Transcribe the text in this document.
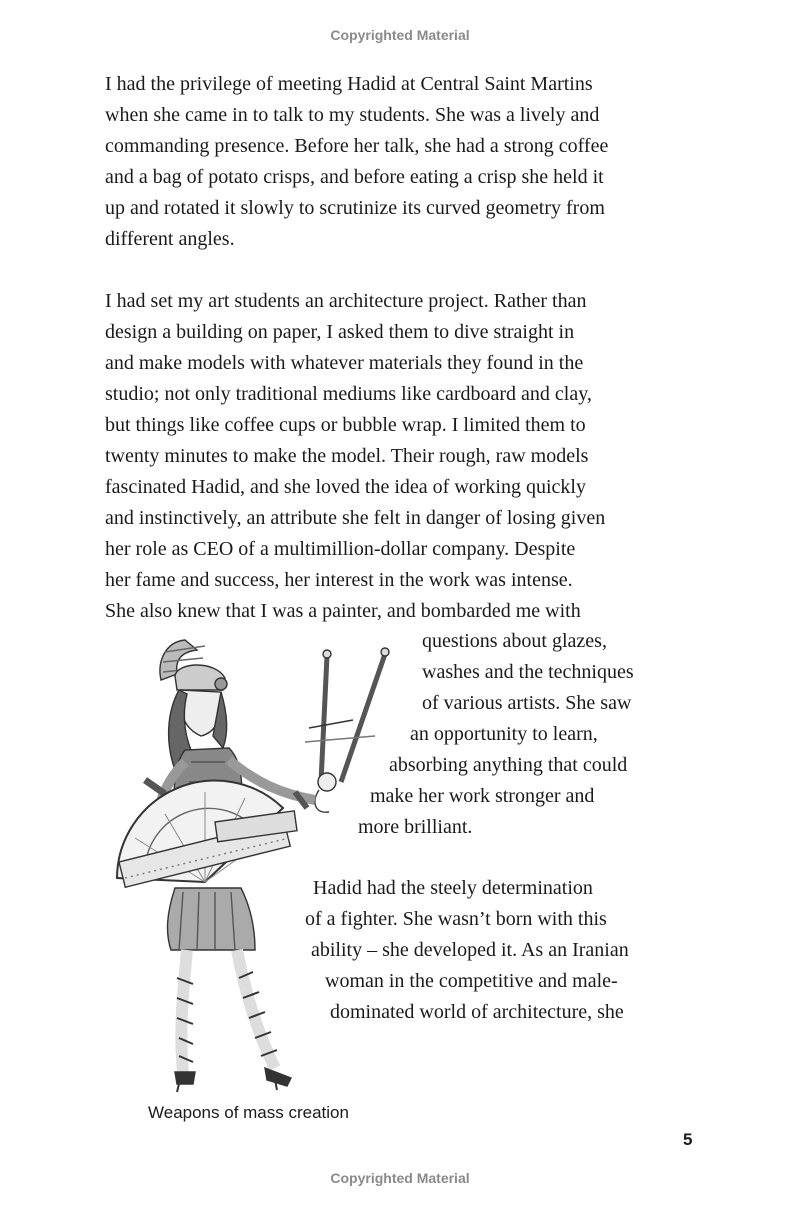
Copyrighted Material
I had the privilege of meeting Hadid at Central Saint Martins
when she came in to talk to my students. She was a lively and
commanding presence. Before her talk, she had a strong coffee
and a bag of potato crisps, and before eating a crisp she held it
up and rotated it slowly to scrutinize its curved geometry from
different angles.
I had set my art students an architecture project. Rather than
design a building on paper, I asked them to dive straight in
and make models with whatever materials they found in the
studio; not only traditional mediums like cardboard and clay,
but things like coffee cups or bubble wrap. I limited them to
twenty minutes to make the model. Their rough, raw models
fascinated Hadid, and she loved the idea of working quickly
and instinctively, an attribute she felt in danger of losing given
her role as CEO of a multimillion-dollar company. Despite
her fame and success, her interest in the work was intense.
She also knew that I was a painter, and bombarded me with
questions about glazes,
washes and the techniques
of various artists. She saw
an opportunity to learn,
absorbing anything that could
make her work stronger and
more brilliant.
Hadid had the steely determination
of a fighter. She wasn’t born with this
ability – she developed it. As an Iranian
woman in the competitive and male-
dominated world of architecture, she
Weapons of mass creation
5
Copyrighted Material
